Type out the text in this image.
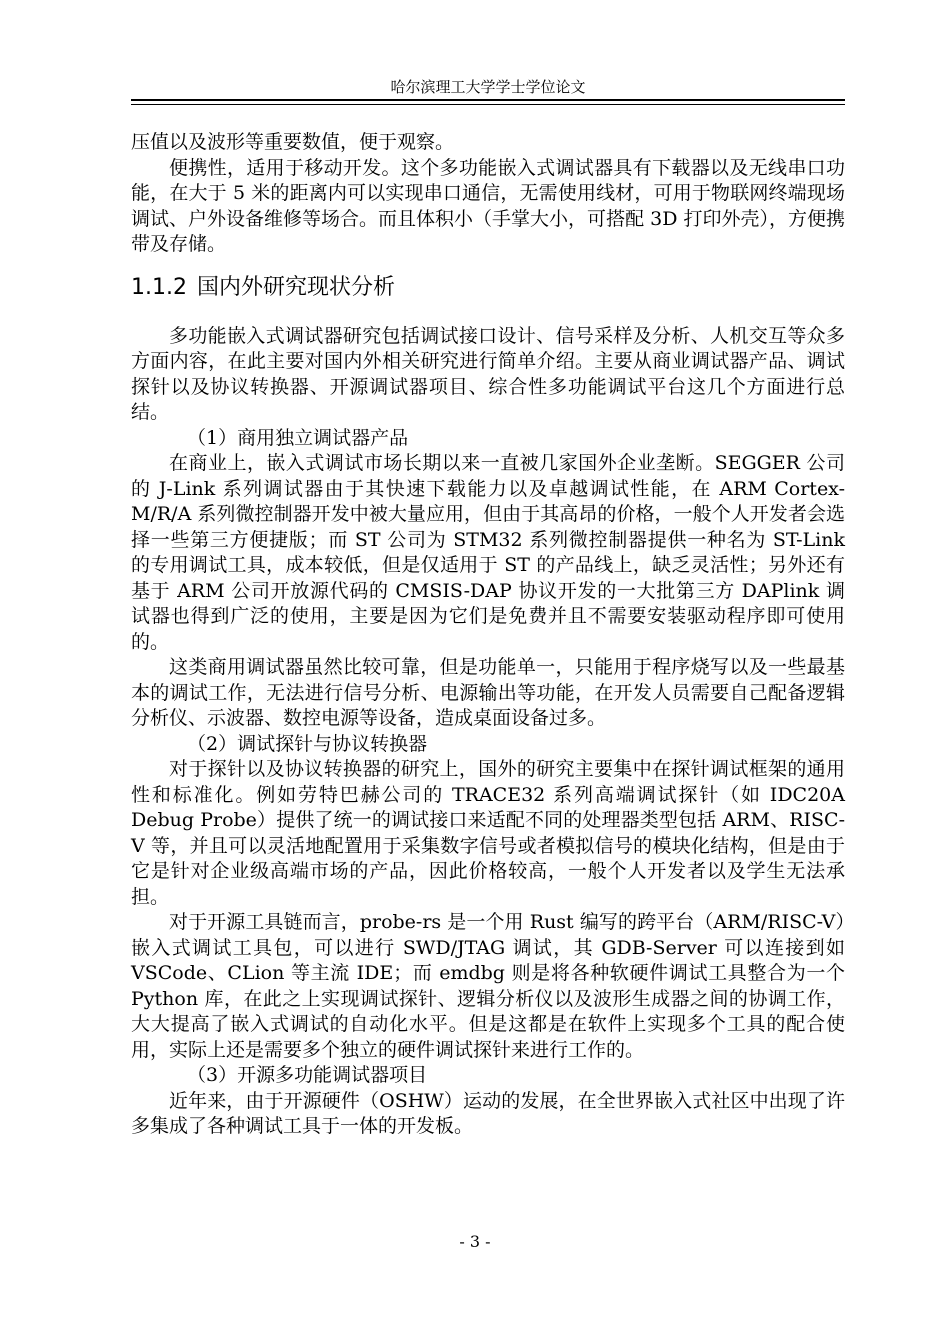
哈尔滨理工大学学士学位论文

压值以及波形等重要数值，便于观察。

便携性，适用于移动开发。这个多功能嵌入式调试器具有下载器以及无线串口功能，在大于 5 米的距离内可以实现串口通信，无需使用线材，可用于物联网终端现场调试、户外设备维修等场合。而且体积小（手掌大小，可搭配 3D 打印外壳），方便携带及存储。

1.1.2 国内外研究现状分析

多功能嵌入式调试器研究包括调试接口设计、信号采样及分析、人机交互等众多方面内容，在此主要对国内外相关研究进行简单介绍。主要从商业调试器产品、调试探针以及协议转换器、开源调试器项目、综合性多功能调试平台这几个方面进行总结。

（1）商用独立调试器产品

在商业上，嵌入式调试市场长期以来一直被几家国外企业垄断。SEGGER 公司的 J-Link 系列调试器由于其快速下载能力以及卓越调试性能，在 ARM Cortex-M/R/A 系列微控制器开发中被大量应用，但由于其高昂的价格，一般个人开发者会选择一些第三方便捷版；而 ST 公司为 STM32 系列微控制器提供一种名为 ST-Link 的专用调试工具，成本较低，但是仅适用于 ST 的产品线上，缺乏灵活性；另外还有基于 ARM 公司开放源代码的 CMSIS-DAP 协议开发的一大批第三方 DAPlink 调试器也得到广泛的使用，主要是因为它们是免费并且不需要安装驱动程序即可使用的。

这类商用调试器虽然比较可靠，但是功能单一，只能用于程序烧写以及一些最基本的调试工作，无法进行信号分析、电源输出等功能，在开发人员需要自己配备逻辑分析仪、示波器、数控电源等设备，造成桌面设备过多。

（2）调试探针与协议转换器

对于探针以及协议转换器的研究上，国外的研究主要集中在探针调试框架的通用性和标准化。例如劳特巴赫公司的 TRACE32 系列高端调试探针（如 IDC20A Debug Probe）提供了统一的调试接口来适配不同的处理器类型包括 ARM、RISC-V 等，并且可以灵活地配置用于采集数字信号或者模拟信号的模块化结构，但是由于它是针对企业级高端市场的产品，因此价格较高，一般个人开发者以及学生无法承担。

对于开源工具链而言，probe-rs 是一个用 Rust 编写的跨平台（ARM/RISC-V）嵌入式调试工具包，可以进行 SWD/JTAG 调试，其 GDB-Server 可以连接到如 VSCode、CLion 等主流 IDE；而 emdbg 则是将各种软硬件调试工具整合为一个 Python 库，在此之上实现调试探针、逻辑分析仪以及波形生成器之间的协调工作，大大提高了嵌入式调试的自动化水平。但是这都是在软件上实现多个工具的配合使用，实际上还是需要多个独立的硬件调试探针来进行工作的。

（3）开源多功能调试器项目

近年来，由于开源硬件（OSHW）运动的发展，在全世界嵌入式社区中出现了许多集成了各种调试工具于一体的开发板。

- 3 -
